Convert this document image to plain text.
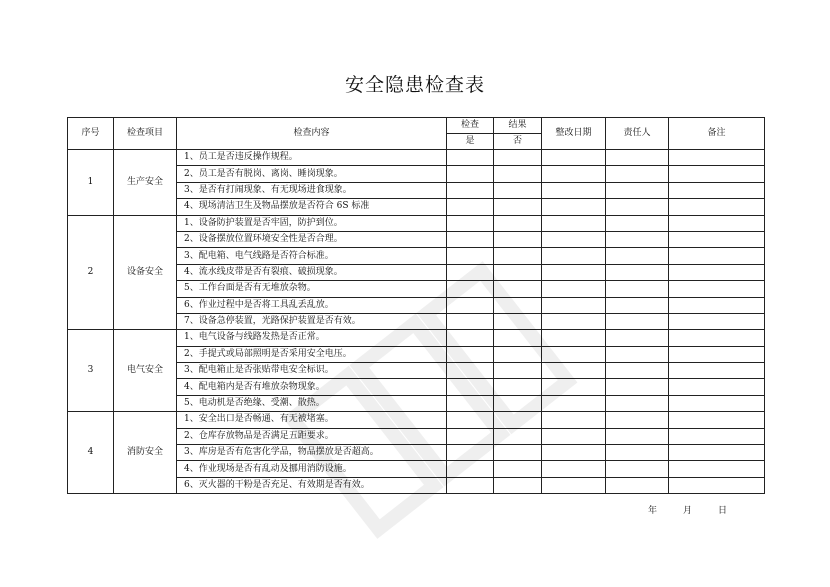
安全隐患检查表
序号	检查项目	检查内容	检查	结果	整改日期	责任人	备注
			是	否			
1	生产安全	1、员工是否违反操作规程。					
		2、员工是否有脱岗、离岗、睡岗现象。					
		3、是否有打闹现象、有无现场进食现象。					
		4、现场清洁卫生及物品摆放是否符合 6S 标准					
2	设备安全	1、设备防护装置是否牢固，防护到位。					
		2、设备摆放位置环境安全性是否合理。					
		3、配电箱、电气线路是否符合标准。					
		4、流水线皮带是否有裂痕、破损现象。					
		5、工作台面是否有无堆放杂物。					
		6、作业过程中是否将工具乱丢乱放。					
		7、设备急停装置，光路保护装置是否有效。					
3	电气安全	1、电气设备与线路发热是否正常。					
		2、手提式或局部照明是否采用安全电压。					
		3、配电箱止是否张贴带电安全标识。					
		4、配电箱内是否有堆放杂物现象。					
		5、电动机是否绝缘、受潮、散热。					
4	消防安全	1、安全出口是否畅通、有无被堵塞。					
		2、仓库存放物品是否满足五距要求。					
		3、库房是否有危害化学品，物品摆放是否超高。					
		4、作业现场是否有乱动及挪用消防设施。					
		6、灭火器的干粉是否充足、有效期是否有效。					
年	月	日
